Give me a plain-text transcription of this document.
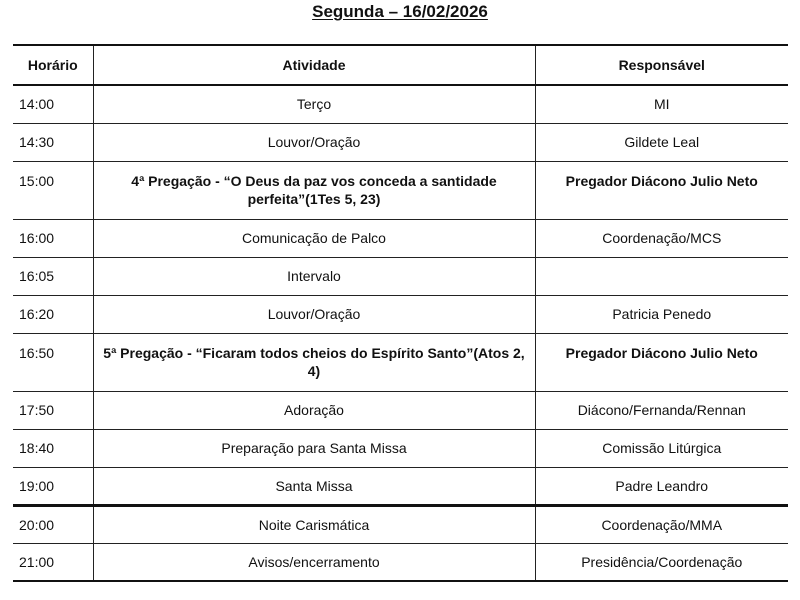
Segunda – 16/02/2026
Horário	Atividade	Responsável
14:00	Terço	MI
14:30	Louvor/Oração	Gildete Leal
15:00	4ª Pregação - “O Deus da paz vos conceda a santidade perfeita”(1Tes 5, 23)	Pregador Diácono Julio Neto
16:00	Comunicação de Palco	Coordenação/MCS
16:05	Intervalo	
16:20	Louvor/Oração	Patricia Penedo
16:50	5ª Pregação - “Ficaram todos cheios do Espírito Santo”(Atos 2, 4)	Pregador Diácono Julio Neto
17:50	Adoração	Diácono/Fernanda/Rennan
18:40	Preparação para Santa Missa	Comissão Litúrgica
19:00	Santa Missa	Padre Leandro
20:00	Noite Carismática	Coordenação/MMA
21:00	Avisos/encerramento	Presidência/Coordenação
